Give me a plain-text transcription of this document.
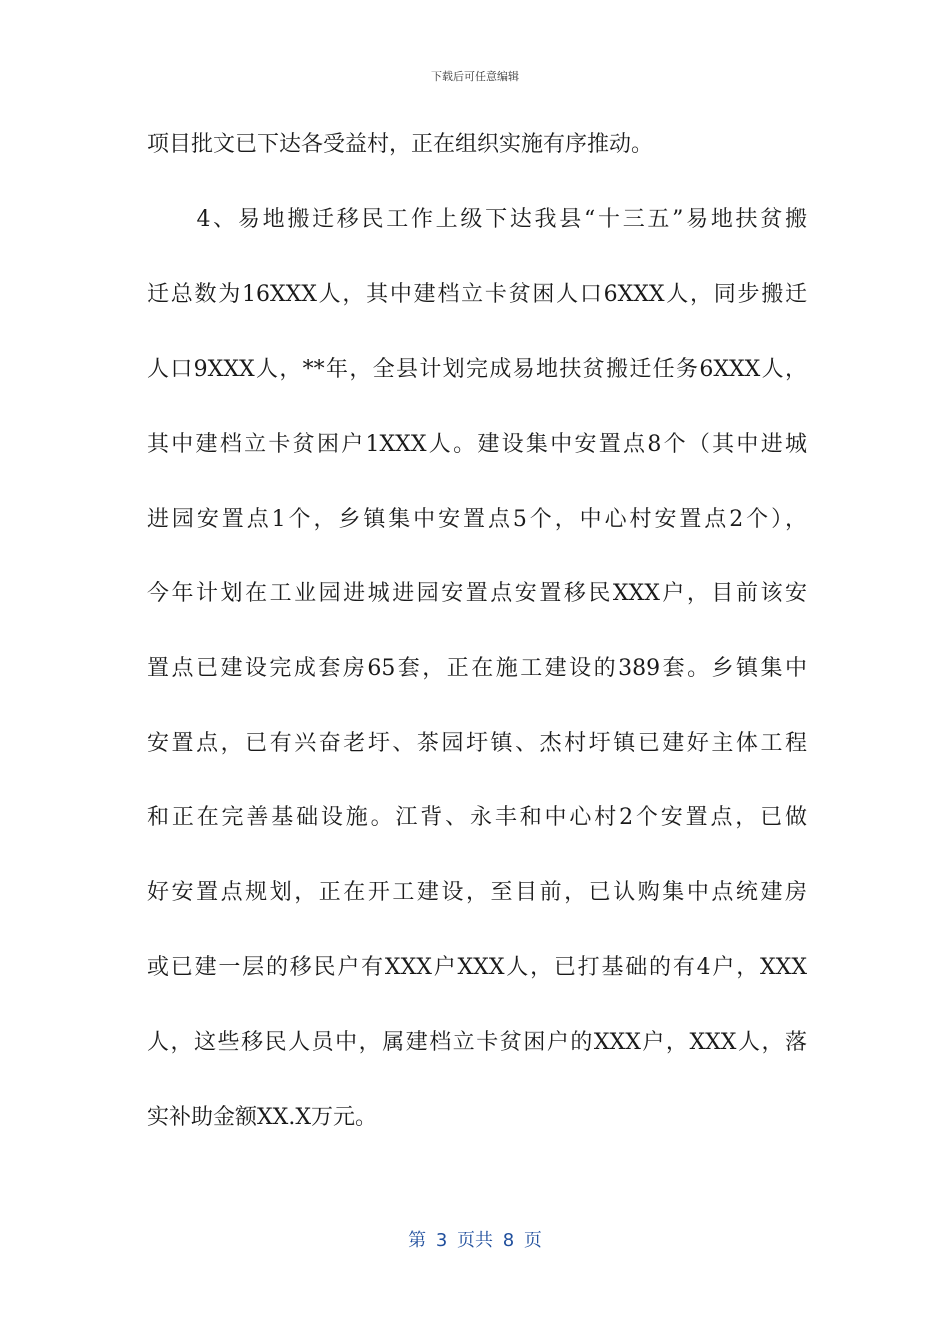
下载后可任意编辑
项目批文已下达各受益村，正在组织实施有序推动。
　　4、易地搬迁移民工作上级下达我县“十三五”易地扶贫搬
迁总数为16XXX人，其中建档立卡贫困人口6XXX人，同步搬迁
人口9XXX人，**年，全县计划完成易地扶贫搬迁任务6XXX人，
其中建档立卡贫困户1XXX人。建设集中安置点8个（其中进城
进园安置点1个，乡镇集中安置点5个，中心村安置点2个），
今年计划在工业园进城进园安置点安置移民XXX户，目前该安
置点已建设完成套房65套，正在施工建设的389套。乡镇集中
安置点，已有兴奋老圩、茶园圩镇、杰村圩镇已建好主体工程
和正在完善基础设施。江背、永丰和中心村2个安置点，已做
好安置点规划，正在开工建设，至目前，已认购集中点统建房
或已建一层的移民户有XXX户XXX人，已打基础的有4户，XXX
人，这些移民人员中，属建档立卡贫困户的XXX户，XXX人，落
实补助金额XX.X万元。
第 3 页共 8 页
